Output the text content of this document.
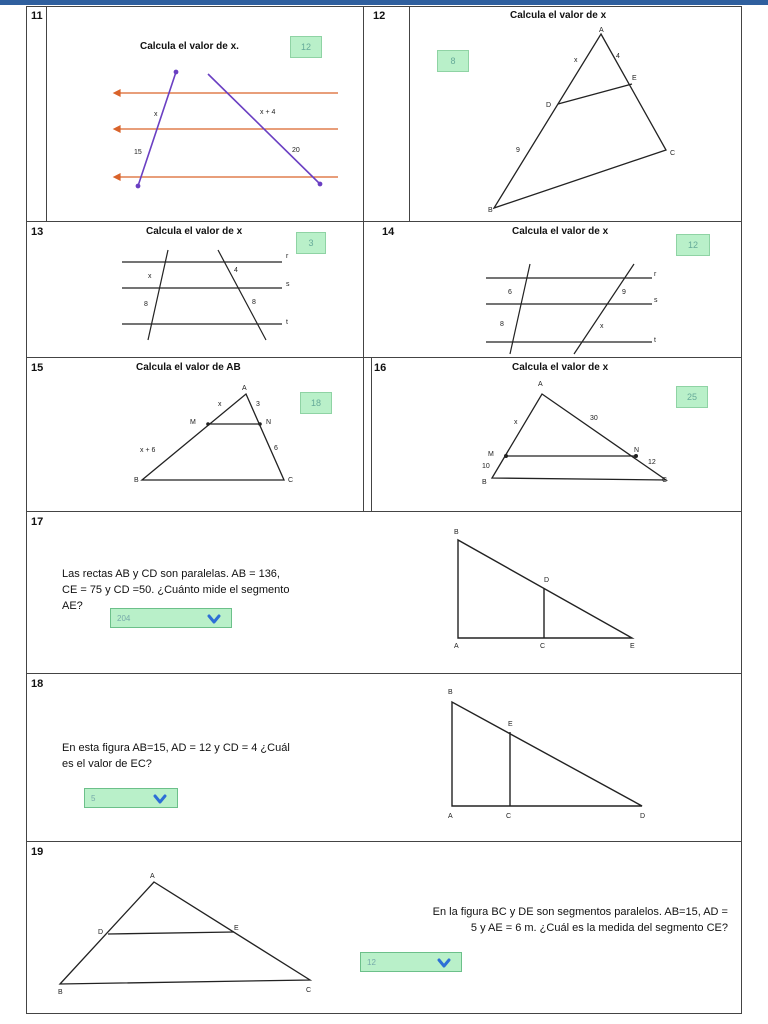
11
Calcula el valor de x.	12
x	x + 4
15	20
12	Calcula el valor de x
8
A
B
C
D
E
x
4
9
13	Calcula el valor de x
3
r
s
t
x
4
8	8
14	Calcula el valor de x
12
r
s
t
6	9
8	x
15	Calcula el valor de AB
18
A
B	C
M	N
x	3
x + 6	6
16	Calcula el valor de x
25
A
B	C
M
N
x
30
10
12
17
Las rectas AB y CD son paralelas. AB = 136,
CE = 75 y CD =50. ¿Cuánto mide el segmento
AE?
204
B
A	C
D
E
18
En esta figura AB=15, AD = 12 y CD = 4 ¿Cuál
es el valor de EC?
5
B
A	C
E
D
19
A
B	C
D
E
En la figura BC y DE son segmentos paralelos. AB=15, AD =
5 y AE = 6 m. ¿Cuál es la medida del segmento CE?
12
